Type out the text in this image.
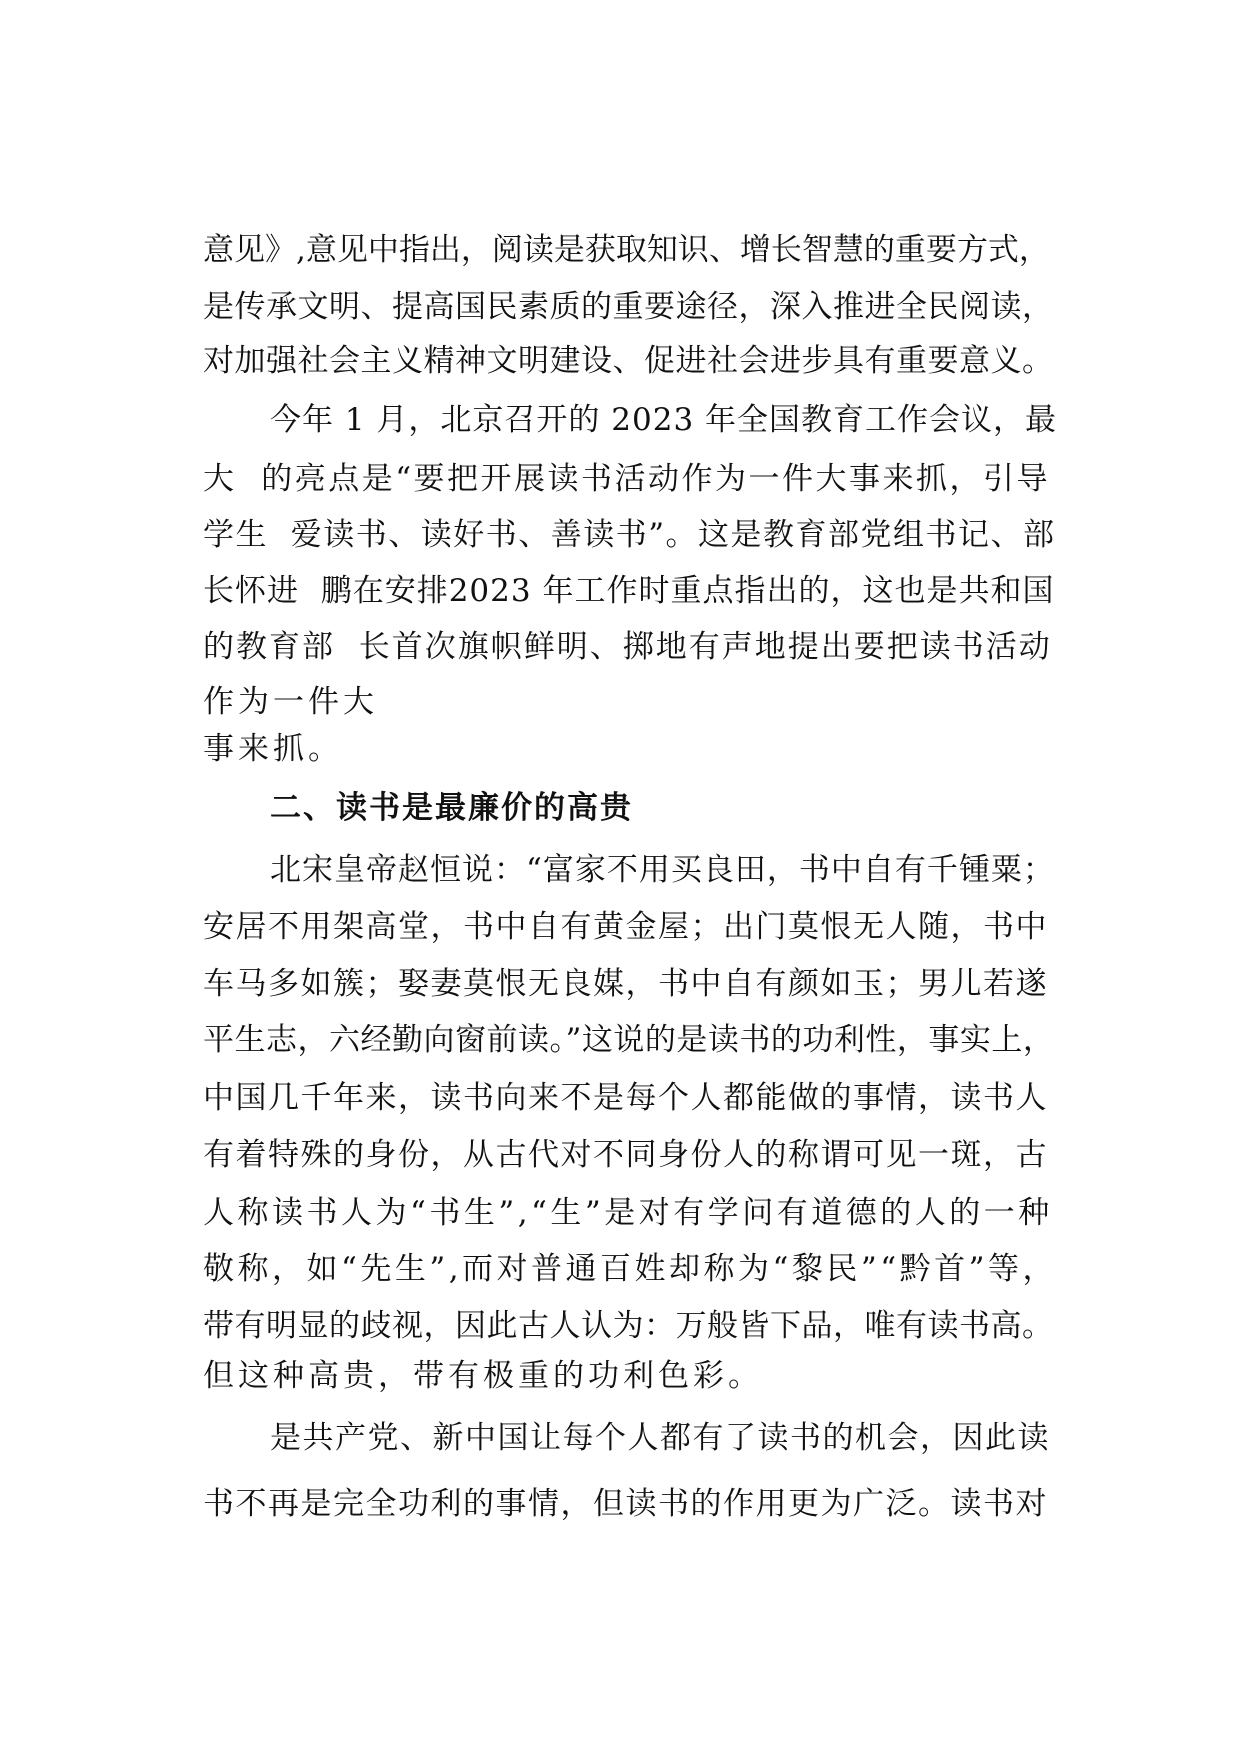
意见》,意见中指出，阅读是获取知识、增长智慧的重要方式，
是传承文明、提高国民素质的重要途径，深入推进全民阅读，
对加强社会主义精神文明建设、促进社会进步具有重要意义。
今年 1 月，北京召开的 2023 年全国教育工作会议，最
大  的亮点是“要把开展读书活动作为一件大事来抓，引导
学生  爱读书、读好书、善读书”。这是教育部党组书记、部
长怀进  鹏在安排2023 年工作时重点指出的，这也是共和国
的教育部  长首次旗帜鲜明、掷地有声地提出要把读书活动
作为一件大
事来抓。
二、读书是最廉价的高贵
北宋皇帝赵恒说：“富家不用买良田，书中自有千锺粟；
安居不用架高堂，书中自有黄金屋；出门莫恨无人随，书中
车马多如簇；娶妻莫恨无良媒，书中自有颜如玉；男儿若遂
平生志，六经勤向窗前读。”这说的是读书的功利性，事实上，
中国几千年来，读书向来不是每个人都能做的事情，读书人
有着特殊的身份，从古代对不同身份人的称谓可见一斑，古
人称读书人为“书生”,“生”是对有学问有道德的人的一种
敬称，如“先生”,而对普通百姓却称为“黎民”“黔首”等，
带有明显的歧视，因此古人认为：万般皆下品，唯有读书高。
但这种高贵，带有极重的功利色彩。
是共产党、新中国让每个人都有了读书的机会，因此读
书不再是完全功利的事情，但读书的作用更为广泛。读书对
